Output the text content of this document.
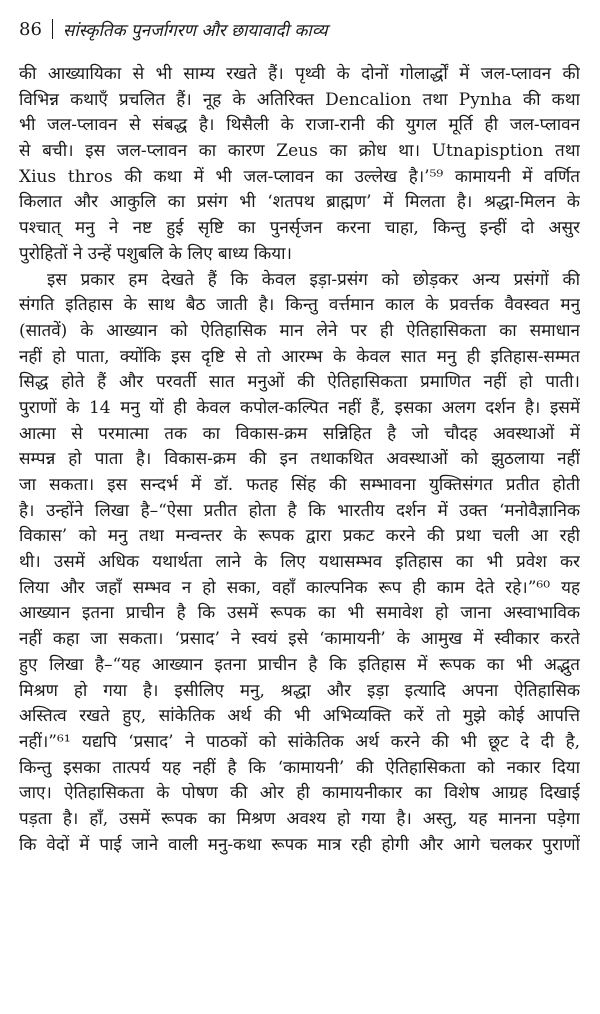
86 सांस्कृतिक पुनर्जागरण और छायावादी काव्य
की आख्यायिका से भी साम्य रखते हैं। पृथ्वी के दोनों गोलार्द्धों में जल-प्लावन की
विभिन्न कथाएँ प्रचलित हैं। नूह के अतिरिक्त Dencalion तथा Pynha की कथा
भी जल-प्लावन से संबद्ध है। थिसैली के राजा-रानी की युगल मूर्ति ही जल-प्लावन
से बची। इस जल-प्लावन का कारण Zeus का क्रोध था। Utnapisption तथा
Xius thros की कथा में भी जल-प्लावन का उल्लेख है।’⁵⁹ कामायनी में वर्णित
किलात और आकुलि का प्रसंग भी ‘शतपथ ब्राह्मण’ में मिलता है। श्रद्धा-मिलन के
पश्चात् मनु ने नष्ट हुई सृष्टि का पुनर्सृजन करना चाहा, किन्तु इन्हीं दो असुर
पुरोहितों ने उन्हें पशुबलि के लिए बाध्य किया।
इस प्रकार हम देखते हैं कि केवल इड़ा-प्रसंग को छोड़कर अन्य प्रसंगों की
संगति इतिहास के साथ बैठ जाती है। किन्तु वर्त्तमान काल के प्रवर्त्तक वैवस्वत मनु
(सातवें) के आख्यान को ऐतिहासिक मान लेने पर ही ऐतिहासिकता का समाधान
नहीं हो पाता, क्योंकि इस दृष्टि से तो आरम्भ के केवल सात मनु ही इतिहास-सम्मत
सिद्ध होते हैं और परवर्ती सात मनुओं की ऐतिहासिकता प्रमाणित नहीं हो पाती।
पुराणों के 14 मनु यों ही केवल कपोल-कल्पित नहीं हैं, इसका अलग दर्शन है। इसमें
आत्मा से परमात्मा तक का विकास-क्रम सन्निहित है जो चौदह अवस्थाओं में
सम्पन्न हो पाता है। विकास-क्रम की इन तथाकथित अवस्थाओं को झुठलाया नहीं
जा सकता। इस सन्दर्भ में डॉ. फतह सिंह की सम्भावना युक्तिसंगत प्रतीत होती
है। उन्होंने लिखा है–“ऐसा प्रतीत होता है कि भारतीय दर्शन में उक्त ‘मनोवैज्ञानिक
विकास’ को मनु तथा मन्वन्तर के रूपक द्वारा प्रकट करने की प्रथा चली आ रही
थी। उसमें अधिक यथार्थता लाने के लिए यथासम्भव इतिहास का भी प्रवेश कर
लिया और जहाँ सम्भव न हो सका, वहाँ काल्पनिक रूप ही काम देते रहे।”⁶⁰ यह
आख्यान इतना प्राचीन है कि उसमें रूपक का भी समावेश हो जाना अस्वाभाविक
नहीं कहा जा सकता। ‘प्रसाद’ ने स्वयं इसे ‘कामायनी’ के आमुख में स्वीकार करते
हुए लिखा है–“यह आख्यान इतना प्राचीन है कि इतिहास में रूपक का भी अद्भुत
मिश्रण हो गया है। इसीलिए मनु, श्रद्धा और इड़ा इत्यादि अपना ऐतिहासिक
अस्तित्व रखते हुए, सांकेतिक अर्थ की भी अभिव्यक्ति करें तो मुझे कोई आपत्ति
नहीं।”⁶¹ यद्यपि ‘प्रसाद’ ने पाठकों को सांकेतिक अर्थ करने की भी छूट दे दी है,
किन्तु इसका तात्पर्य यह नहीं है कि ‘कामायनी’ की ऐतिहासिकता को नकार दिया
जाए। ऐतिहासिकता के पोषण की ओर ही कामायनीकार का विशेष आग्रह दिखाई
पड़ता है। हाँ, उसमें रूपक का मिश्रण अवश्य हो गया है। अस्तु, यह मानना पड़ेगा
कि वेदों में पाई जाने वाली मनु-कथा रूपक मात्र रही होगी और आगे चलकर पुराणों
